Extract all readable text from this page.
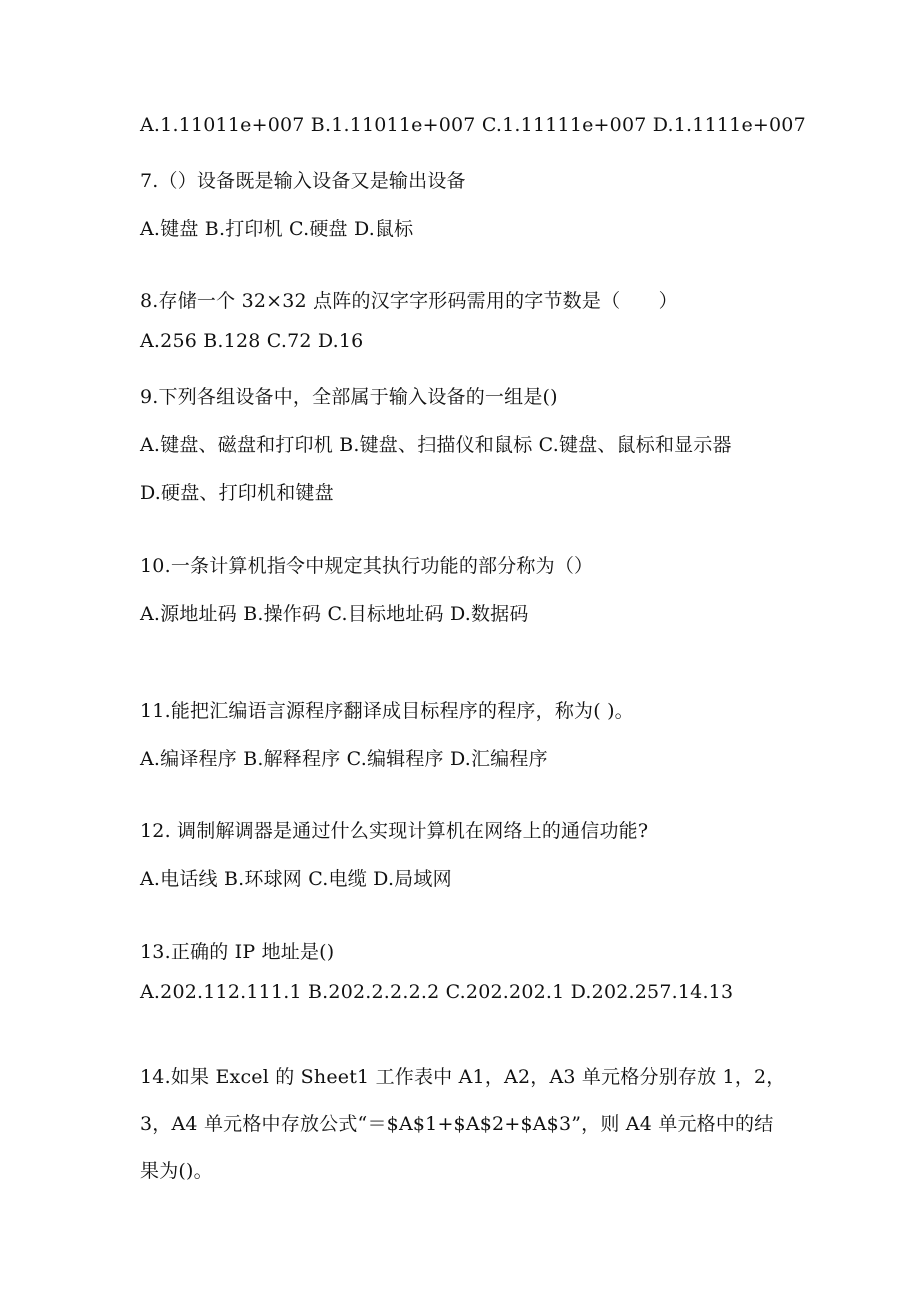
A.1.11011e+007 B.1.11011e+007 C.1.11111e+007 D.1.1111e+007
7.（）设备既是输入设备又是输出设备
A.键盘 B.打印机 C.硬盘 D.鼠标
8.存储一个 32×32 点阵的汉字字形码需用的字节数是（　　）
A.256 B.128 C.72 D.16
9.下列各组设备中，全部属于输入设备的一组是()
A.键盘、磁盘和打印机 B.键盘、扫描仪和鼠标 C.键盘、鼠标和显示器
D.硬盘、打印机和键盘
10.一条计算机指令中规定其执行功能的部分称为（）
A.源地址码 B.操作码 C.目标地址码 D.数据码
11.能把汇编语言源程序翻译成目标程序的程序，称为( )。
A.编译程序 B.解释程序 C.编辑程序 D.汇编程序
12. 调制解调器是通过什么实现计算机在网络上的通信功能?
A.电话线 B.环球网 C.电缆 D.局域网
13.正确的 IP 地址是()
A.202.112.111.1 B.202.2.2.2.2 C.202.202.1 D.202.257.14.13
14.如果 Excel 的 Sheet1 工作表中 A1，A2，A3 单元格分别存放 1，2，
3，A4 单元格中存放公式“＝$A$1+$A$2+$A$3”，则 A4 单元格中的结
果为()。
